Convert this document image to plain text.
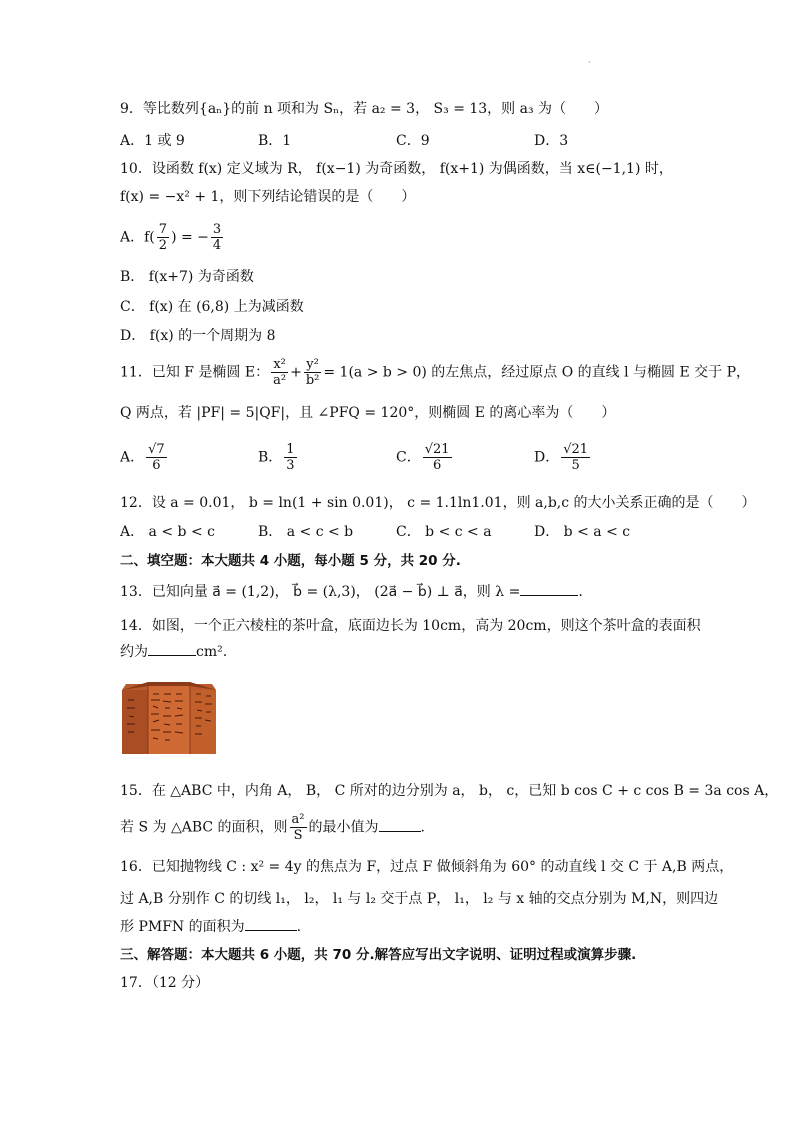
·
9．等比数列{aₙ}的前 n 项和为 Sₙ，若 a₂ = 3， S₃ = 13，则 a₃ 为（　　）
A．1 或 9	B．1	C．9	D．3
10．设函数 f(x) 定义域为 R， f(x−1) 为奇函数， f(x+1) 为偶函数，当 x∈(−1,1) 时，
f(x) = −x² + 1，则下列结论错误的是（　　）
A．$f( \frac{7}{2}$ ) = − $\frac{3}{4}$
B． f(x+7) 为奇函数
C． f(x) 在 (6,8) 上为减函数
D． f(x) 的一个周期为 8
11．已知 F 是椭圆 E： $\frac{\text{x²}}{\text{a²}} + \frac{\text{y²}}{\text{b²}} = 1(a > b > 0)$ 的左焦点，经过原点 O 的直线 l 与椭圆 E 交于 P，
Q 两点，若 |PF| = 5|QF|，且 ∠PFQ = 120°，则椭圆 E 的离心率为（　　）
A． $\frac{√7}{6}$	B． $\frac{1}{3}$	C． $\frac{√21}{6}$	D． $\frac{√21}{5}$
12．设 a = 0.01， b = ln(1 + sin 0.01)， c = 1.1ln1.01，则 a,b,c 的大小关系正确的是（　　）
A． a < b < c	B． a < c < b	C． b < c < a	D． b < a < c
二、填空题：本大题共 4 小题，每小题 5 分，共 20 分.
13．已知向量 a⃗ = (1,2)， b⃗ = (λ,3)， (2a⃗ − b⃗) ⊥ a⃗，则 λ =	.
14．如图，一个正六棱柱的茶叶盒，底面边长为 10cm，高为 20cm，则这个茶叶盒的表面积
约为	cm².
15．在 △ABC 中，内角 A， B， C 所对的边分别为 a， b， c，已知 b cos C + c cos B = 3a cos A，
若 S 为 △ABC 的面积，则 $\frac{\text{a²}}{S}$ 的最小值为	.
16．已知抛物线 C : x² = 4y 的焦点为 F，过点 F 做倾斜角为 60° 的动直线 l 交 C 于 A,B 两点，
过 A,B 分别作 C 的切线 l₁， l₂， l₁ 与 l₂ 交于点 P， l₁， l₂ 与 x 轴的交点分别为 M,N，则四边
形 PMFN 的面积为	.
三、解答题：本大题共 6 小题，共 70 分.解答应写出文字说明、证明过程或演算步骤.
17．（12 分）
